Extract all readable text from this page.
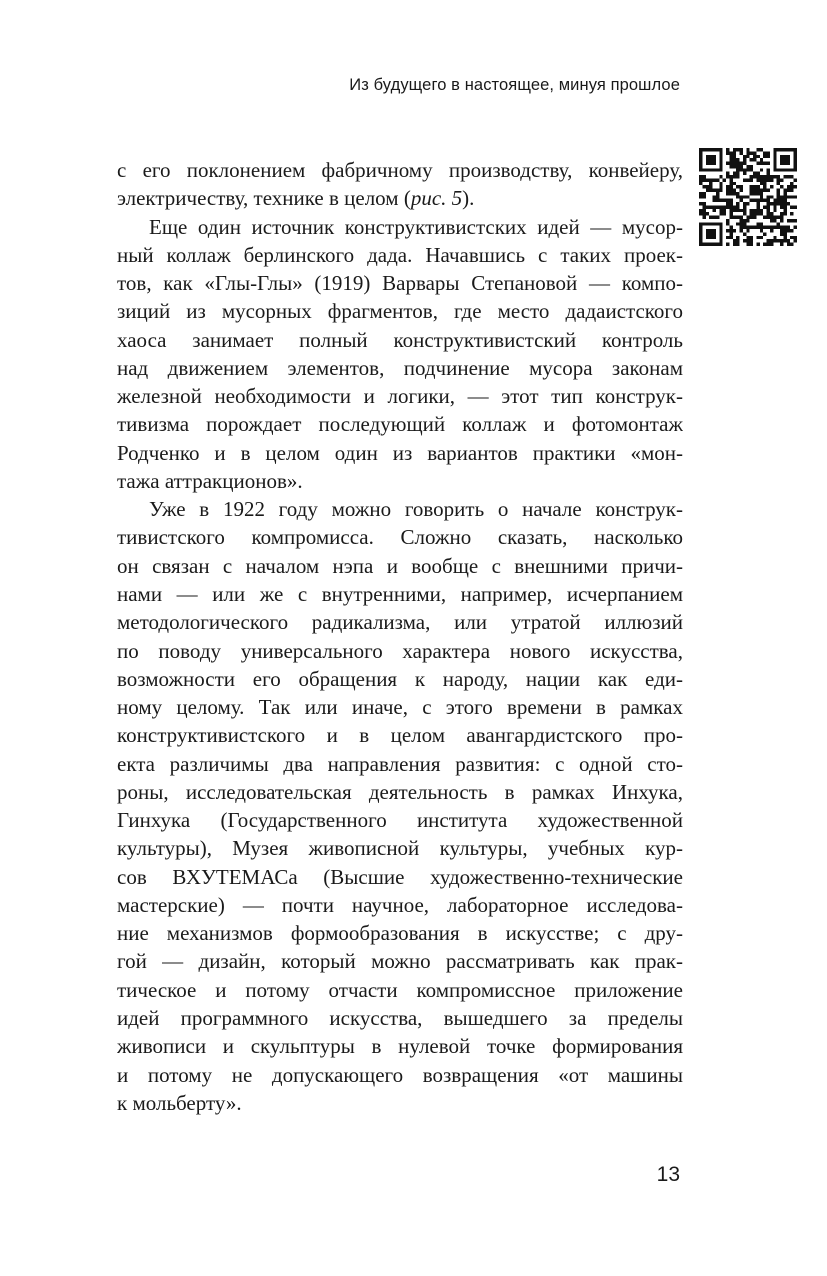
Из будущего в настоящее, минуя прошлое
с его поклонением фабричному производству, конвейеру,
электричеству, технике в целом (рис. 5).
Еще один источник конструктивистских идей — мусор-
ный коллаж берлинского дада. Начавшись с таких проек-
тов, как «Глы-Глы» (1919) Варвары Степановой — компо-
зиций из мусорных фрагментов, где место дадаистского
хаоса занимает полный конструктивистский контроль
над движением элементов, подчинение мусора законам
железной необходимости и логики, — этот тип конструк-
тивизма порождает последующий коллаж и фотомонтаж
Родченко и в целом один из вариантов практики «мон-
тажа аттракционов».
Уже в 1922 году можно говорить о начале конструк-
тивистского компромисса. Сложно сказать, насколько
он связан с началом нэпа и вообще с внешними причи-
нами — или же с внутренними, например, исчерпанием
методологического радикализма, или утратой иллюзий
по поводу универсального характера нового искусства,
возможности его обращения к народу, нации как еди-
ному целому. Так или иначе, с этого времени в рамках
конструктивистского и в целом авангардистского про-
екта различимы два направления развития: с одной сто-
роны, исследовательская деятельность в рамках Инхука,
Гинхука (Государственного института художественной
культуры), Музея живописной культуры, учебных кур-
сов ВХУТЕМАСа (Высшие художественно-технические
мастерские) — почти научное, лабораторное исследова-
ние механизмов формообразования в искусстве; с дру-
гой — дизайн, который можно рассматривать как прак-
тическое и потому отчасти компромиссное приложение
идей программного искусства, вышедшего за пределы
живописи и скульптуры в нулевой точке формирования
и потому не допускающего возвращения «от машины
к мольберту».
13
